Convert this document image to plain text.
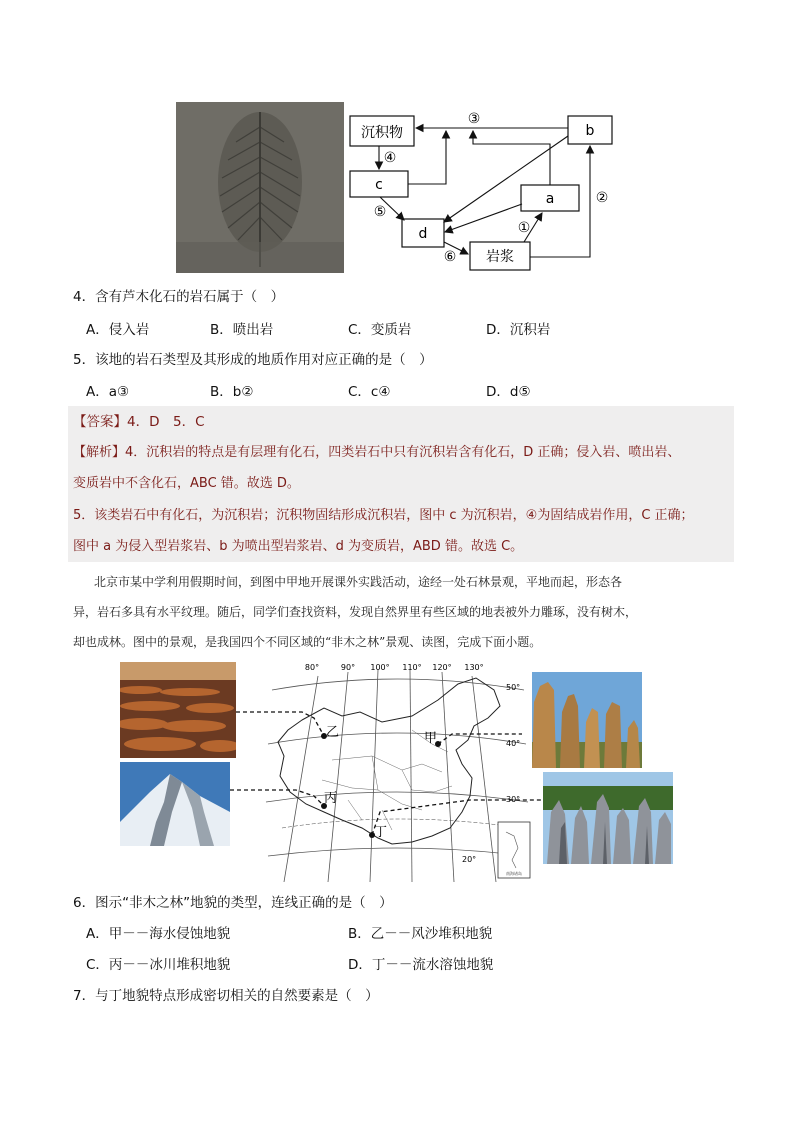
沉积物	b
c
a
d
岩浆
③
④
⑤
⑥
①
②
4．含有芦木化石的岩石属于（　）
A．侵入岩	B．喷出岩	C．变质岩	D．沉积岩
5．该地的岩石类型及其形成的地质作用对应正确的是（　）
A．a③	B．b②	C．c④	D．d⑤
【答案】4．D　5．C
【解析】4．沉积岩的特点是有层理有化石，四类岩石中只有沉积岩含有化石，D 正确；侵入岩、喷出岩、
变质岩中不含化石，ABC 错。故选 D。
5．该类岩石中有化石，为沉积岩；沉积物固结形成沉积岩，图中 c 为沉积岩，④为固结成岩作用，C 正确；
图中 a 为侵入型岩浆岩、b 为喷出型岩浆岩、d 为变质岩，ABD 错。故选 C。
北京市某中学利用假期时间，到图中甲地开展课外实践活动，途经一处石林景观，平地而起，形态各
异，岩石多具有水平纹理。随后，同学们查找资料，发现自然界里有些区域的地表被外力雕琢，没有树木，
却也成林。图中的景观，是我国四个不同区域的“非木之林”景观、读图，完成下面小题。
南海诸岛
80°	90° 100° 110° 120° 130°
50°
40°
30°
20°
甲
乙
丙
丁
6．图示“非木之林”地貌的类型，连线正确的是（　）
A．甲－－海水侵蚀地貌	B．乙－－风沙堆积地貌
C．丙－－冰川堆积地貌	D．丁－－流水溶蚀地貌
7．与丁地貌特点形成密切相关的自然要素是（　）
